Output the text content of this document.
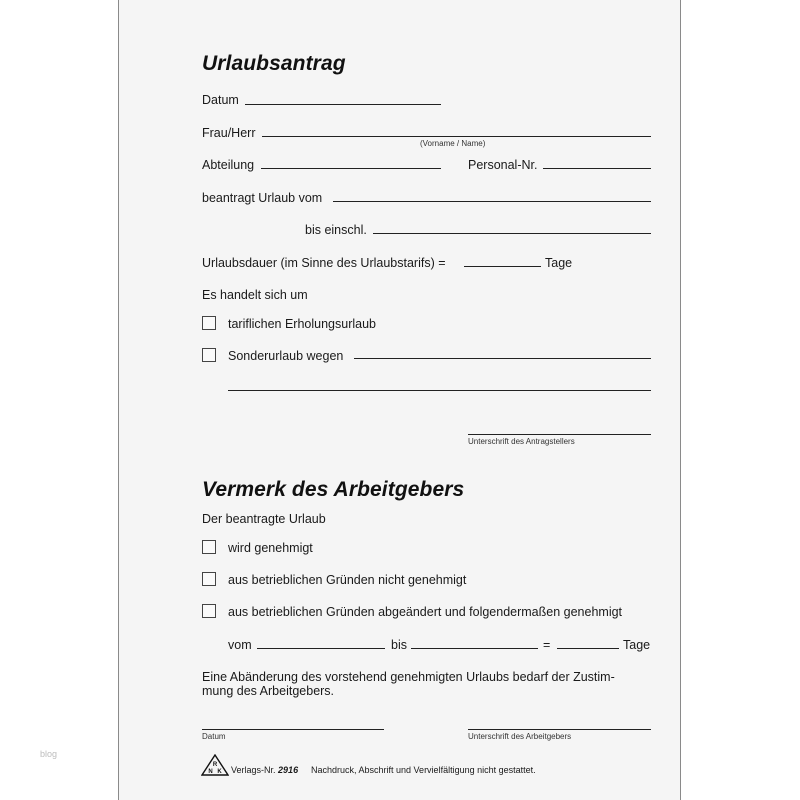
Urlaubsantrag
Datum
Frau/Herr
(Vorname / Name)
Abteilung	Personal-Nr.
beantragt Urlaub vom
bis einschl.
Urlaubsdauer (im Sinne des Urlaubstarifs) =	Tage
Es handelt sich um
tariflichen Erholungsurlaub
Sonderurlaub wegen
Unterschrift des Antragstellers
Vermerk des Arbeitgebers
Der beantragte Urlaub
wird genehmigt
aus betrieblichen Gründen nicht genehmigt
aus betrieblichen Gründen abgeändert und folgendermaßen genehmigt
vom	bis	=	Tage
Eine Abänderung des vorstehend genehmigten Urlaubs bedarf der Zustim-
mung des Arbeitgebers.
Datum	Unterschrift des Arbeitgebers
R
N K Verlags-Nr. 2916 Nachdruck, Abschrift und Vervielfältigung nicht gestattet.
blog
